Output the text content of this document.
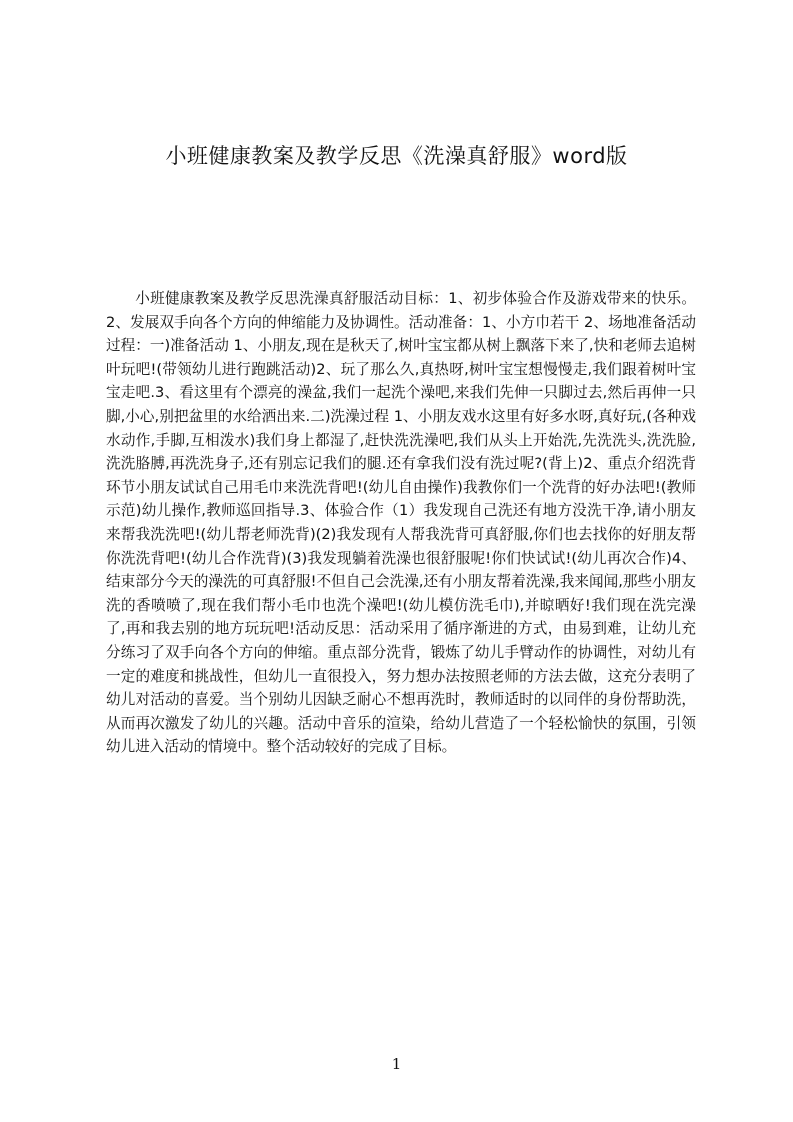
小班健康教案及教学反思《洗澡真舒服》word版

小班健康教案及教学反思洗澡真舒服活动目标：1、初步体验合作及游戏带来的快乐。2、发展双手向各个方向的伸缩能力及协调性。活动准备：1、小方巾若干 2、场地准备活动过程：一)准备活动 1、小朋友,现在是秋天了,树叶宝宝都从树上飘落下来了,快和老师去追树叶玩吧!(带领幼儿进行跑跳活动)2、玩了那么久,真热呀,树叶宝宝想慢慢走,我们跟着树叶宝宝走吧.3、看这里有个漂亮的澡盆,我们一起洗个澡吧,来我们先伸一只脚过去,然后再伸一只脚,小心,别把盆里的水给洒出来.二)洗澡过程 1、小朋友戏水这里有好多水呀,真好玩,(各种戏水动作,手脚,互相泼水)我们身上都湿了,赶快洗洗澡吧,我们从头上开始洗,先洗洗头,洗洗脸,洗洗胳膊,再洗洗身子,还有别忘记我们的腿.还有拿我们没有洗过呢?(背上)2、重点介绍洗背环节小朋友试试自己用毛巾来洗洗背吧!(幼儿自由操作)我教你们一个洗背的好办法吧!(教师示范)幼儿操作,教师巡回指导.3、体验合作（1）我发现自己洗还有地方没洗干净,请小朋友来帮我洗洗吧!(幼儿帮老师洗背)(2)我发现有人帮我洗背可真舒服,你们也去找你的好朋友帮你洗洗背吧!(幼儿合作洗背)(3)我发现躺着洗澡也很舒服呢!你们快试试!(幼儿再次合作)4、结束部分今天的澡洗的可真舒服!不但自己会洗澡,还有小朋友帮着洗澡,我来闻闻,那些小朋友洗的香喷喷了,现在我们帮小毛巾也洗个澡吧!(幼儿模仿洗毛巾),并晾晒好!我们现在洗完澡了,再和我去别的地方玩玩吧!活动反思：活动采用了循序渐进的方式，由易到难，让幼儿充分练习了双手向各个方向的伸缩。重点部分洗背，锻炼了幼儿手臂动作的协调性，对幼儿有一定的难度和挑战性，但幼儿一直很投入，努力想办法按照老师的方法去做，这充分表明了幼儿对活动的喜爱。当个别幼儿因缺乏耐心不想再洗时，教师适时的以同伴的身份帮助洗，从而再次激发了幼儿的兴趣。活动中音乐的渲染，给幼儿营造了一个轻松愉快的氛围，引领幼儿进入活动的情境中。整个活动较好的完成了目标。

1
